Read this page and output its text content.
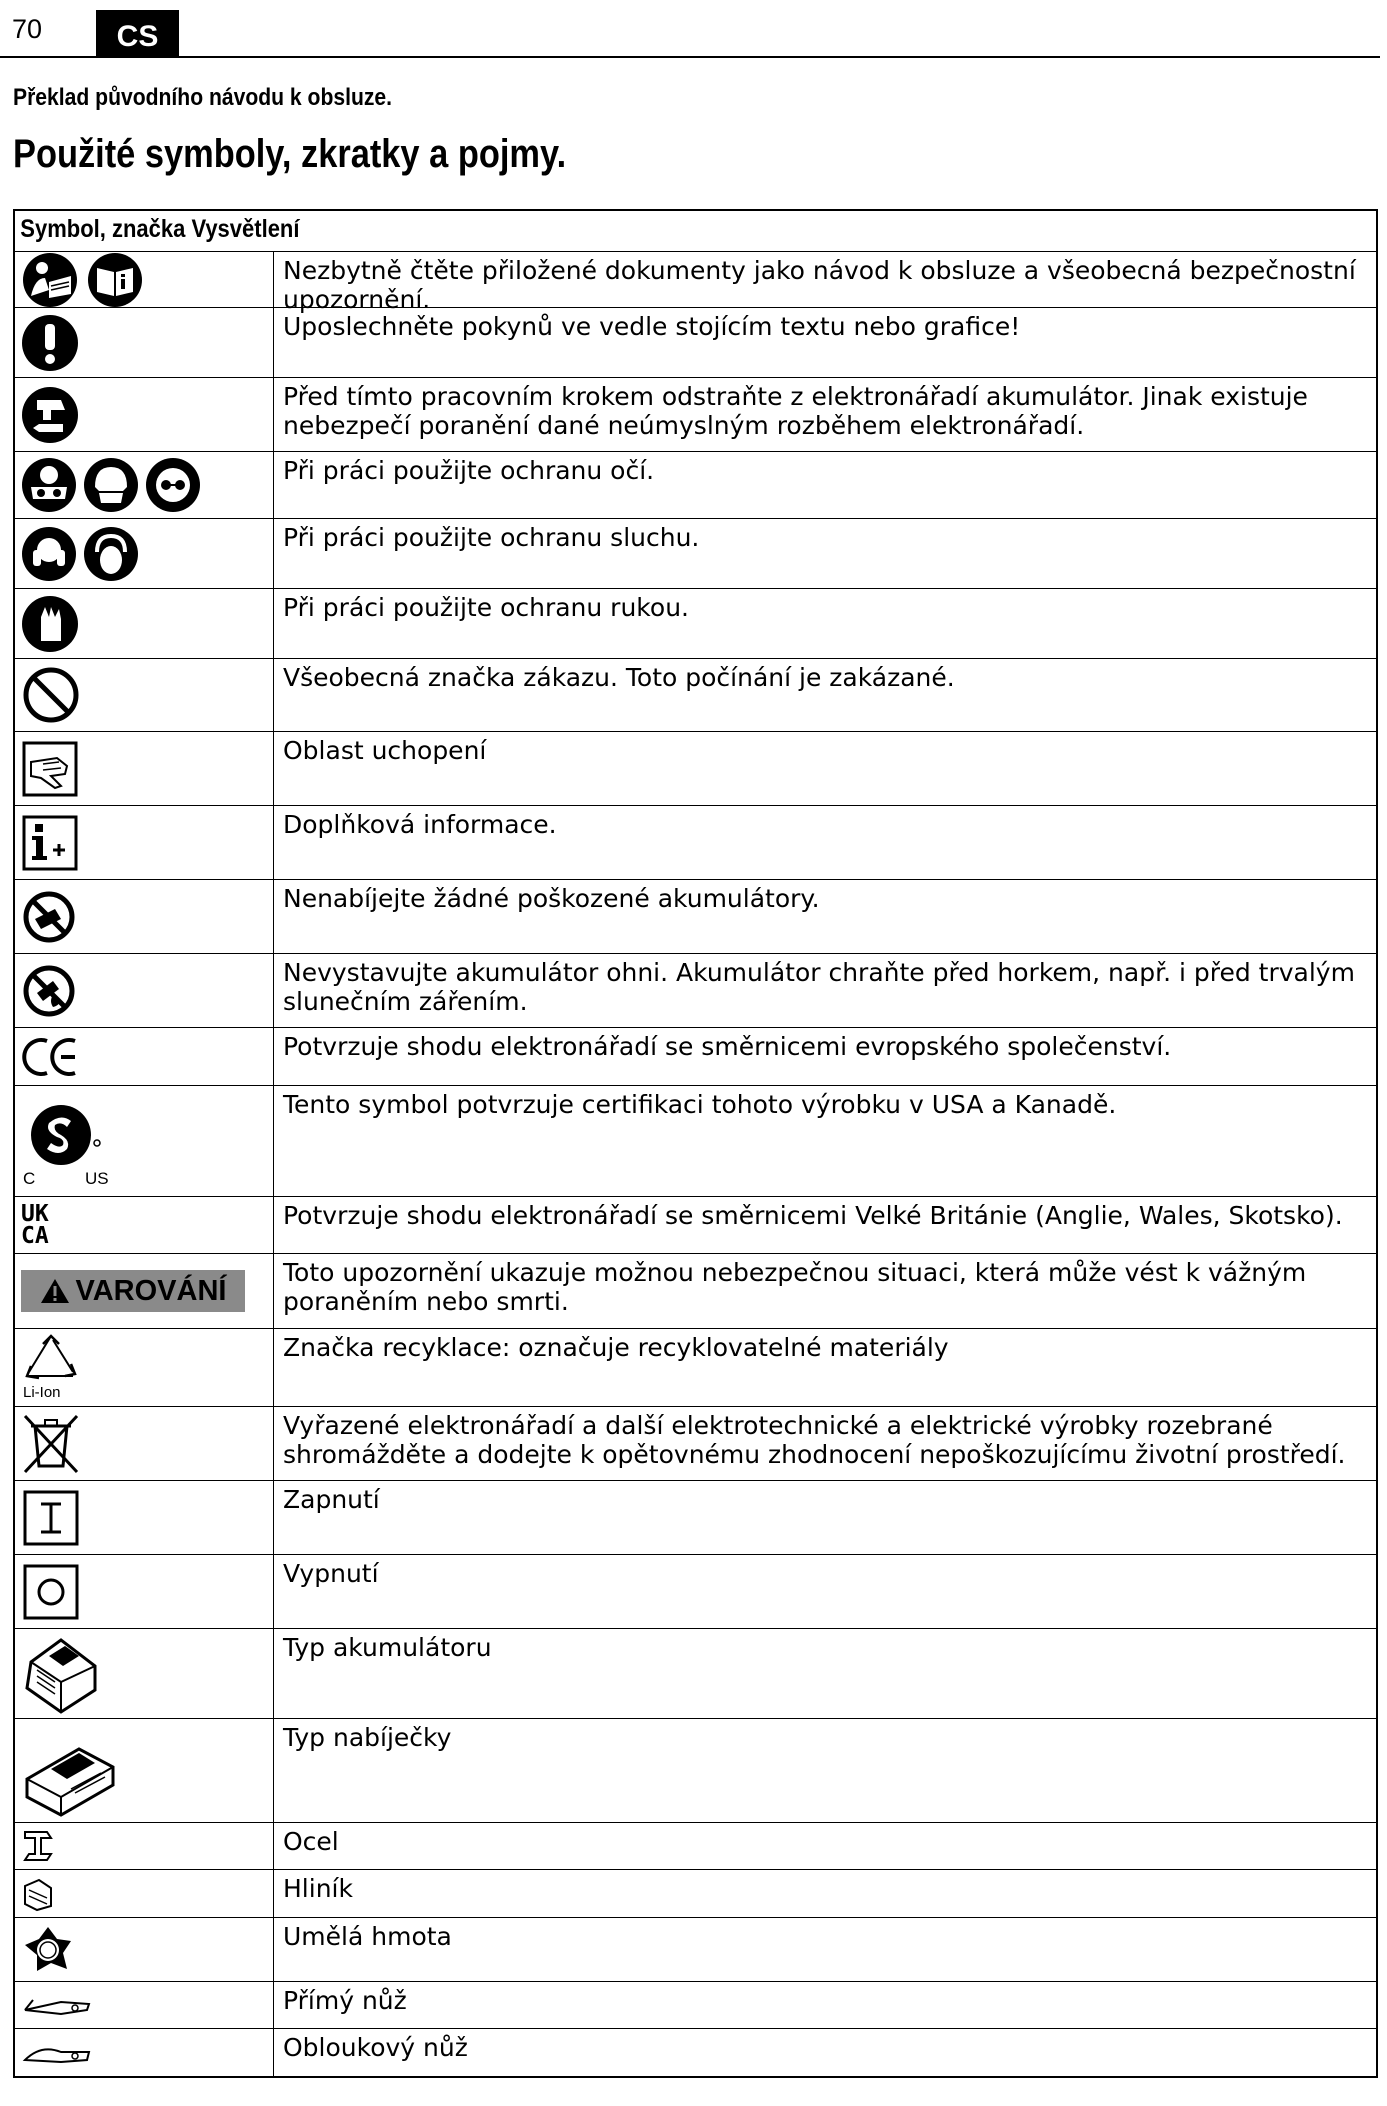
70	CS
Překlad původního návodu k obsluze.
Použité symboly, zkratky a pojmy.
Symbol, značka Vysvětlení
Nezbytně čtěte přiložené dokumenty jako návod k obsluze a všeobecná bezpečnostní upozornění.
Uposlechněte pokynů ve vedle stojícím textu nebo grafice!
Před tímto pracovním krokem odstraňte z elektronářadí akumulátor. Jinak existuje nebezpečí poranění dané neúmyslným rozběhem elektronářadí.
Při práci použijte ochranu očí.
Při práci použijte ochranu sluchu.
Při práci použijte ochranu rukou.
Všeobecná značka zákazu. Toto počínání je zakázané.
Oblast uchopení
Doplňková informace.
Nenabíjejte žádné poškozené akumulátory.
Nevystavujte akumulátor ohni. Akumulátor chraňte před horkem, např. i před trvalým slunečním zářením.
Potvrzuje shodu elektronářadí se směrnicemi evropského společenství.
C	US
Tento symbol potvrzuje certifikaci tohoto výrobku v USA a Kanadě.
UK
CA
Potvrzuje shodu elektronářadí se směrnicemi Velké Británie (Anglie, Wales, Skotsko).
VAROVÁNÍ
Toto upozornění ukazuje možnou nebezpečnou situaci, která může vést k vážným poraněním nebo smrti.
Li-Ion
Značka recyklace: označuje recyklovatelné materiály
Vyřazené elektronářadí a další elektrotechnické a elektrické výrobky rozebrané shromážděte a dodejte k opětovnému zhodnocení nepoškozujícímu životní prostředí.
Zapnutí
Vypnutí
Typ akumulátoru
Typ nabíječky
Ocel
Hliník
Umělá hmota
Přímý nůž
Obloukový nůž
